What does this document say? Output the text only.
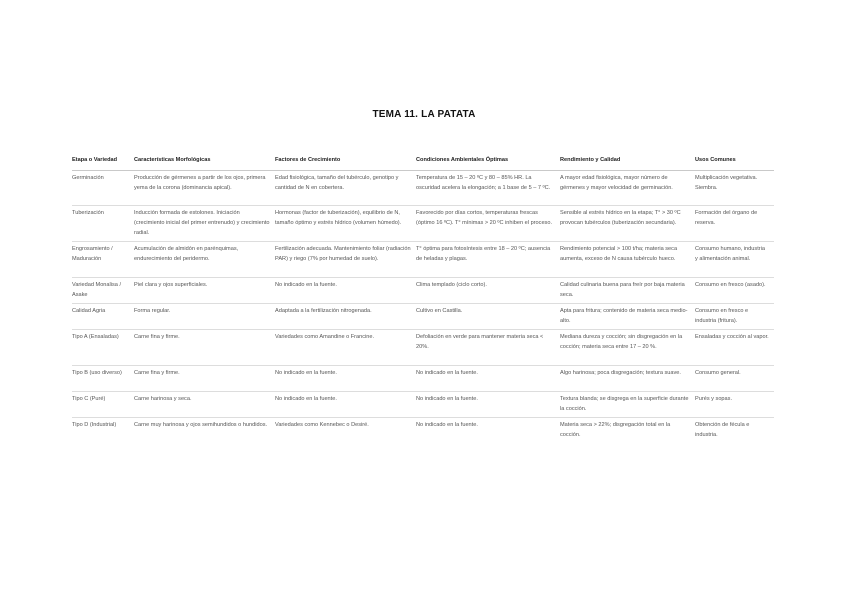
TEMA 11. LA PATATA
Etapa o Variedad	Características Morfológicas	Factores de Crecimiento	Condiciones Ambientales Óptimas	Rendimiento y Calidad	Usos Comunes
Germinación	Producción de gérmenes a partir de los ojos, primera yema de la corona (dominancia apical).	Edad fisiológica, tamaño del tubérculo, genotipo y cantidad de N en cobertera.	Temperatura de 15 – 20 ºC y 80 – 85% HR. La oscuridad acelera la elongación; a 1 base de 5 – 7 ºC.	A mayor edad fisiológica, mayor número de gérmenes y mayor velocidad de germinación.	Multiplicación vegetativa. Siembra.
Tuberización	Inducción formada de estolones. Iniciación (crecimiento inicial del primer entrenudo) y crecimiento radial.	Hormonas (factor de tuberización), equilibrio de N, tamaño óptimo y estrés hídrico (volumen húmedo).	Favorecido por días cortos, temperaturas frescas (óptimo 16 ºC). T° mínimas > 20 ºC inhiben el proceso.	Sensible al estrés hídrico en la etapa; T° > 30 ºC provocan tubérculos (tuberización secundaria).	Formación del órgano de reserva.
Engrosamiento / Maduración	Acumulación de almidón en parénquimas, endurecimiento del peridermo.	Fertilización adecuada. Mantenimiento foliar (radiación PAR) y riego (7% por humedad de suelo).	T° óptima para fotosíntesis entre 18 – 20 ºC; ausencia de heladas y plagas.	Rendimiento potencial > 100 t/ha; materia seca aumenta, exceso de N causa tubérculo hueco.	Consumo humano, industria y alimentación animal.
Variedad Monalisa / Asake	Piel clara y ojos superficiales.	No indicado en la fuente.	Clima templado (ciclo corto).	Calidad culinaria buena para freír por baja materia seca.	Consumo en fresco (asado).
Calidad Agria	Forma regular.	Adaptada a la fertilización nitrogenada.	Cultivo en Castilla.	Apta para fritura; contenido de materia seca medio-alto.	Consumo en fresco e industria (fritura).
Tipo A (Ensaladas)	Carne fina y firme.	Variedades como Amandine o Francine.	Defoliación en verde para mantener materia seca < 20%.	Mediana dureza y cocción; sin disgregación en la cocción; materia seca entre 17 – 20 %.	Ensaladas y cocción al vapor.
Tipo B (uso diverso)	Carne fina y firme.	No indicado en la fuente.	No indicado en la fuente.	Algo harinosa; poca disgregación; textura suave.	Consumo general.
Tipo C (Puré)	Carne harinosa y seca.	No indicado en la fuente.	No indicado en la fuente.	Textura blanda; se disgrega en la superficie durante la cocción.	Purés y sopas.
Tipo D (Industrial)	Carne muy harinosa y ojos semihundidos o hundidos.	Variedades como Kennebec o Desiré.	No indicado en la fuente.	Materia seca > 22%; disgregación total en la cocción.	Obtención de fécula e industria.
